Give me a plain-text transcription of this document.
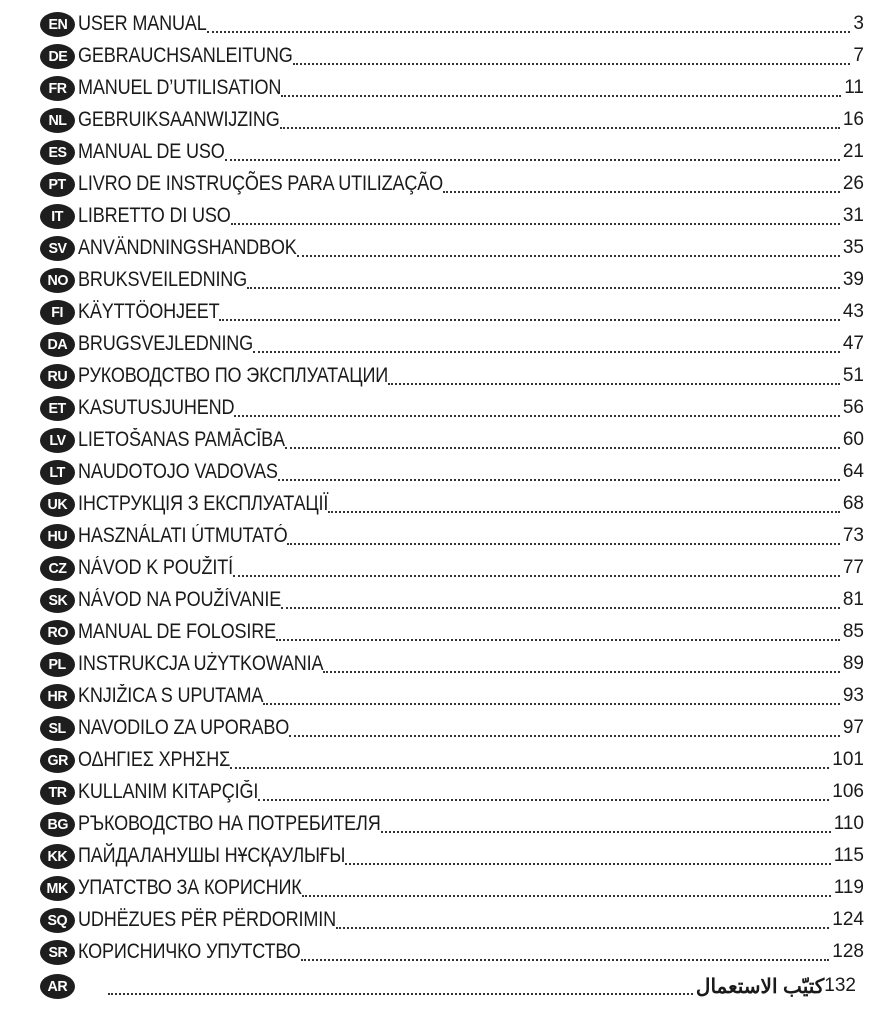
EN USER MANUAL	3
DE GEBRAUCHSANLEITUNG	7
FR MANUEL D’UTILISATION	11
NL GEBRUIKSAANWIJZING	16
ES MANUAL DE USO	21
PT LIVRO DE INSTRUÇÕES PARA UTILIZAÇÃO	26
IT LIBRETTO DI USO	31
SV ANVÄNDNINGSHANDBOK	35
NO BRUKSVEILEDNING	39
FI KÄYTTÖOHJEET	43
DA BRUGSVEJLEDNING	47
RU РУКОВОДСТВО ПО ЭКСПЛУАТАЦИИ	51
ET KASUTUSJUHEND	56
LV LIETOŠANAS PAMĀCĪBA	60
LT NAUDOTOJO VADOVAS	64
UK ІНСТРУКЦІЯ З ЕКСПЛУАТАЦІЇ	68
HU HASZNÁLATI ÚTMUTATÓ	73
CZ NÁVOD K POUŽITÍ	77
SK NÁVOD NA POUŽÍVANIE	81
RO MANUAL DE FOLOSIRE	85
PL INSTRUKCJA UŻYTKOWANIA	89
HR KNJIŽICA S UPUTAMA	93
SL NAVODILO ZA UPORABO	97
GR ΟΔΗΓΙΕΣ ΧΡΗΣΗΣ	101
TR KULLANIM KITAPÇIĞI	106
BG РЪКОВОДСТВО НА ПОТРЕБИТЕЛЯ	110
KK ПАЙДАЛАНУШЫ НҰСҚАУЛЫҒЫ	115
MK УПАТСТВО ЗА КОРИСНИК	119
SQ UDHËZUES PËR PËRDORIMIN	124
SR КОРИСНИЧКО УПУТСТВО	128
AR	كتيّب الاستعمال 132
